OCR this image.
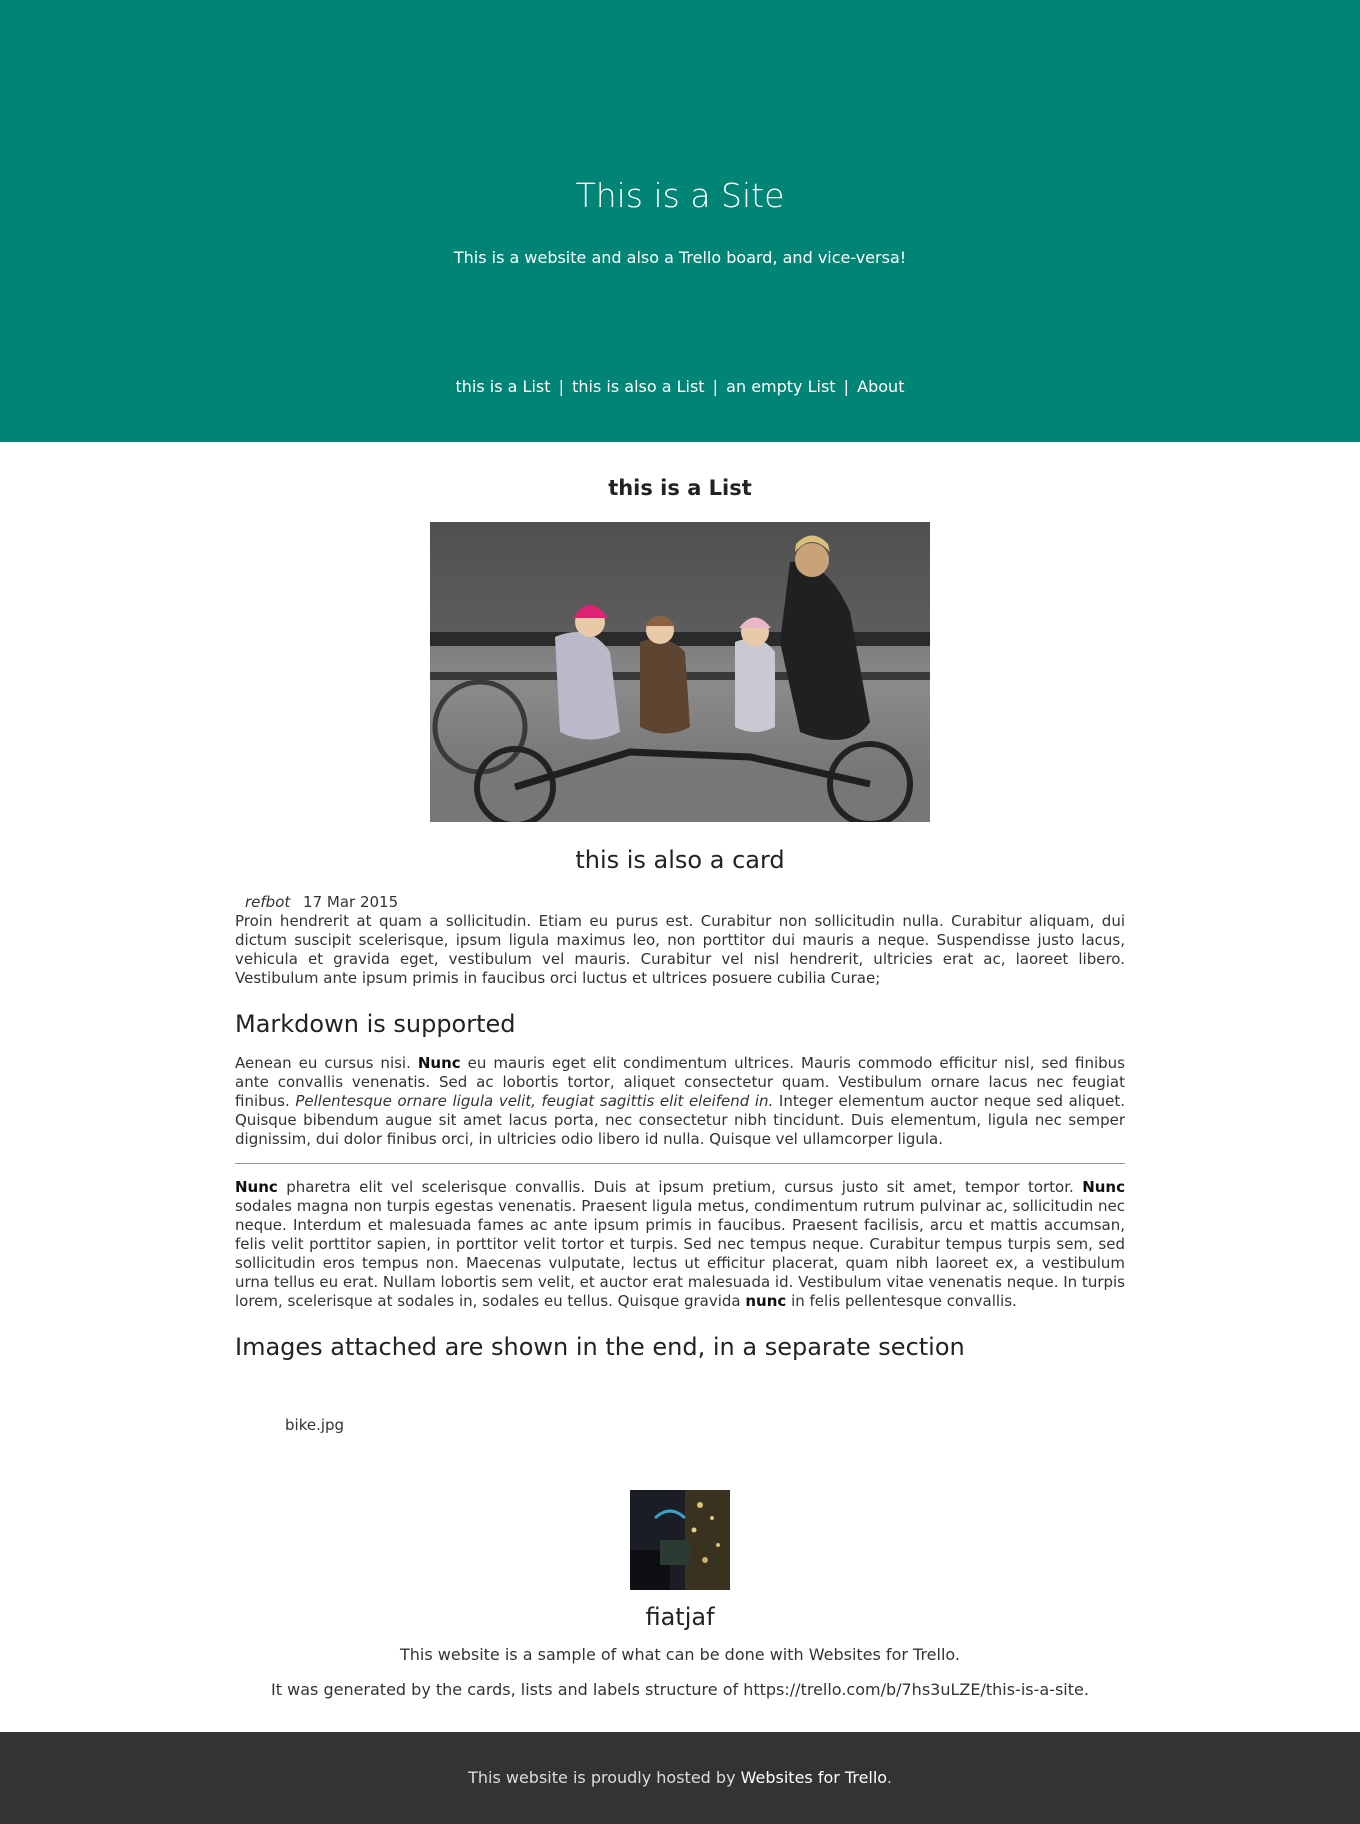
This is a Site
This is a website and also a Trello board, and vice-versa!
this is a List | this is also a List | an empty List | About
this is a List
this is also a card
refbot 17 Mar 2015

Proin hendrerit at quam a sollicitudin. Etiam eu purus est. Curabitur non sollicitudin nulla. Curabitur aliquam, dui dictum suscipit scelerisque, ipsum ligula maximus leo, non porttitor dui mauris a neque. Suspendisse justo lacus, vehicula et gravida eget, vestibulum vel mauris. Curabitur vel nisl hendrerit, ultricies erat ac, laoreet libero. Vestibulum ante ipsum primis in faucibus orci luctus et ultrices posuere cubilia Curae;

Markdown is supported

Aenean eu cursus nisi. Nunc eu mauris eget elit condimentum ultrices. Mauris commodo efficitur nisl, sed finibus ante convallis venenatis. Sed ac lobortis tortor, aliquet consectetur quam. Vestibulum ornare lacus nec feugiat finibus. Pellentesque ornare ligula velit, feugiat sagittis elit eleifend in. Integer elementum auctor neque sed aliquet. Quisque bibendum augue sit amet lacus porta, nec consectetur nibh tincidunt. Duis elementum, ligula nec semper dignissim, dui dolor finibus orci, in ultricies odio libero id nulla. Quisque vel ullamcorper ligula.

Nunc pharetra elit vel scelerisque convallis. Duis at ipsum pretium, cursus justo sit amet, tempor tortor. Nunc sodales magna non turpis egestas venenatis. Praesent ligula metus, condimentum rutrum pulvinar ac, sollicitudin nec neque. Interdum et malesuada fames ac ante ipsum primis in faucibus. Praesent facilisis, arcu et mattis accumsan, felis velit porttitor sapien, in porttitor velit tortor et turpis. Sed nec tempus neque. Curabitur tempus turpis sem, sed sollicitudin eros tempus non. Maecenas vulputate, lectus ut efficitur placerat, quam nibh laoreet ex, a vestibulum urna tellus eu erat. Nullam lobortis sem velit, et auctor erat malesuada id. Vestibulum vitae venenatis neque. In turpis lorem, scelerisque at sodales in, sodales eu tellus. Quisque gravida nunc in felis pellentesque convallis.

Images attached are shown in the end, in a separate section
bike.jpg
fiatjaf
This website is a sample of what can be done with Websites for Trello.
It was generated by the cards, lists and labels structure of https://trello.com/b/7hs3uLZE/this-is-a-site.
This website is proudly hosted by Websites for Trello.
